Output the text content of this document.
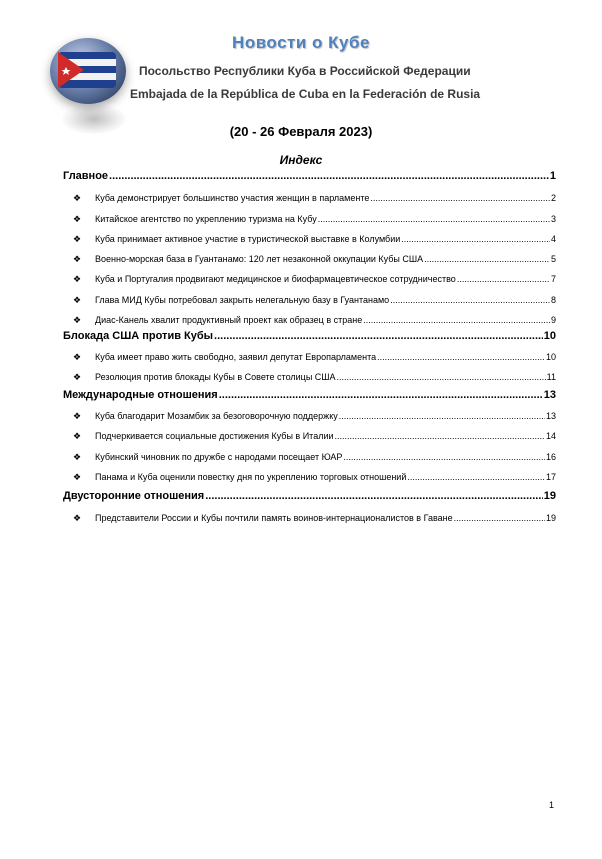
Новости о Кубе
Посольство Республики Куба в Российской Федерации
Embajada de la República de Cuba en la Federación de Rusia
(20 - 26 Февраля 2023)
Индекс
Главное .....	1
❖	Куба демонстрирует большинство участия женщин в парламенте .....	2
❖	Китайское агентство по укреплению туризма на Кубу .....	3
❖	Куба принимает активное участие в туристической выставке в Колумбии .....	4
❖	Военно-морская база в Гуантанамо: 120 лет незаконной оккупации Кубы США .....	5
❖	Куба и Португалия продвигают медицинское и биофармацевтическое сотрудничество .....	7
❖	Глава МИД Кубы потребовал закрыть нелегальную базу в Гуантанамо .....	8
❖	Диас-Канель хвалит продуктивный проект как образец в стране .....	9
Блокада США против Кубы .....	10
❖	Куба имеет право жить свободно, заявил депутат Европарламента .....	10
❖	Резолюция против блокады Кубы в Совете столицы США .....	11
Международные отношения .....	13
❖	Куба благодарит Мозамбик за безоговорочную поддержку .....	13
❖	Подчеркивается социальные достижения Кубы в Италии .....	14
❖	Кубинский чиновник по дружбе с народами посещает ЮАР .....	16
❖	Панама и Куба оценили повестку дня по укреплению торговых отношений .....	17
Двусторонние отношения .....	19
❖	Представители России и Кубы почтили память воинов-интернационалистов в Гаване .....	19
1
